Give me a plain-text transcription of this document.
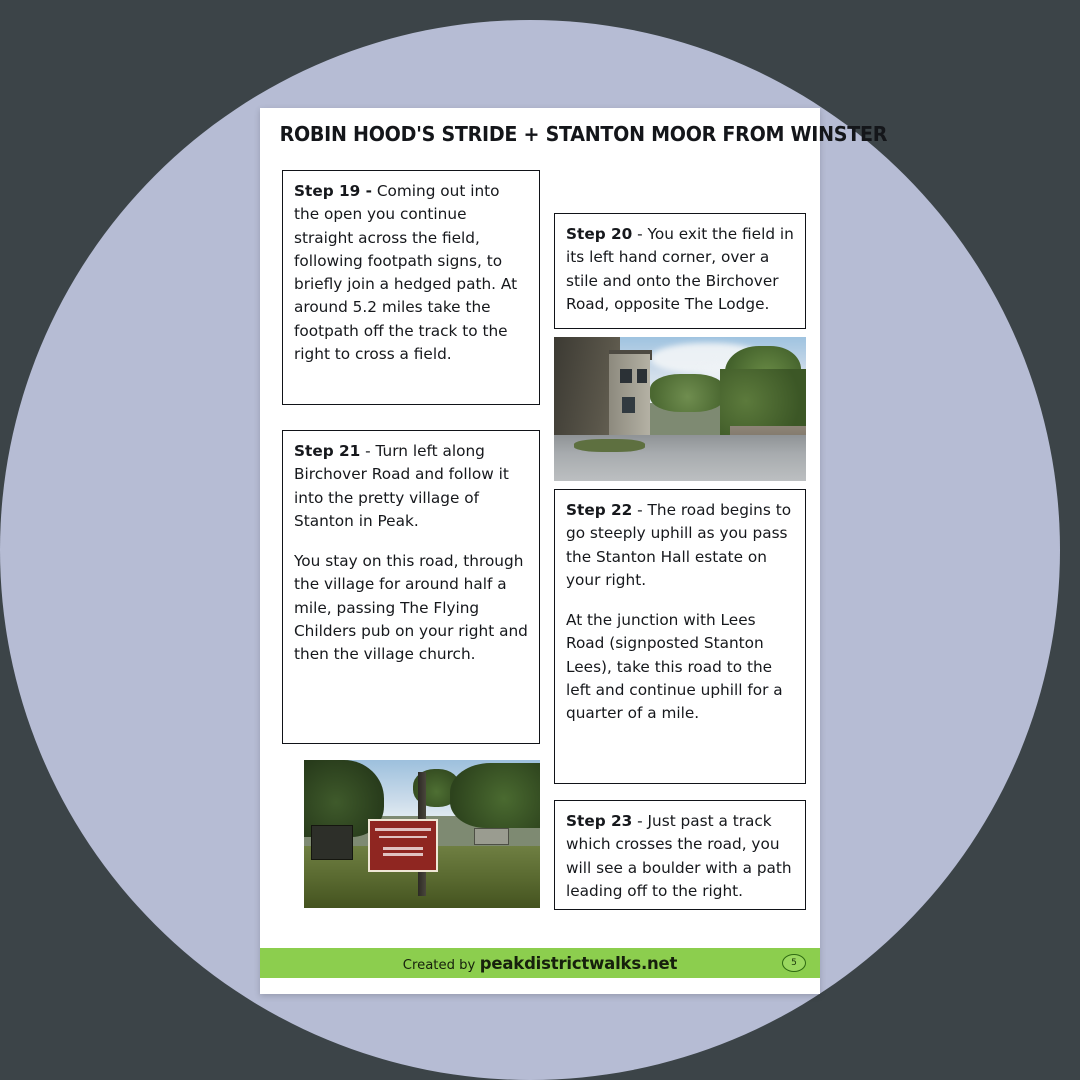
ROBIN HOOD'S STRIDE + STANTON MOOR FROM WINSTER

Step 19 - Coming out into the open you continue straight across the field, following footpath signs, to briefly join a hedged path. At around 5.2 miles take the footpath off the track to the right to cross a field.

Step 21 - Turn left along Birchover Road and follow it into the pretty village of Stanton in Peak.

You stay on this road, through the village for around half a mile, passing The Flying Childers pub on your right and then the village church.

Step 20 - You exit the field in its left hand corner, over a stile and onto the Birchover Road, opposite The Lodge.

Step 22 - The road begins to go steeply uphill as you pass the Stanton Hall estate on your right.

At the junction with Lees Road (signposted Stanton Lees), take this road to the left and continue uphill for a quarter of a mile.

Step 23 - Just past a track which crosses the road, you will see a boulder with a path leading off to the right.

Created by peakdistrictwalks.net	5
